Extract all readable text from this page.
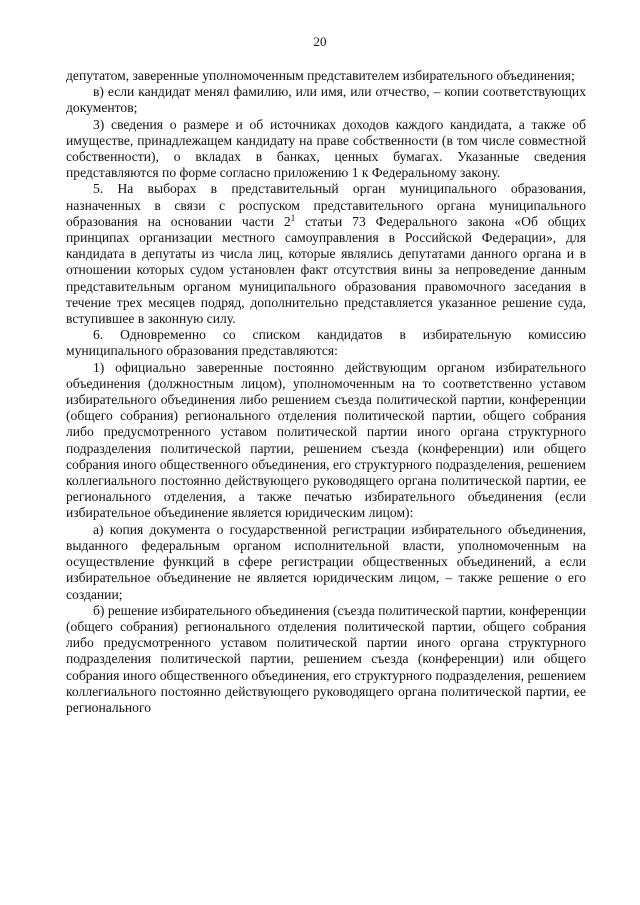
20

депутатом, заверенные уполномоченным представителем избирательного объединения;

в) если кандидат менял фамилию, или имя, или отчество, – копии соответствующих документов;

3) сведения о размере и об источниках доходов каждого кандидата, а также об имуществе, принадлежащем кандидату на праве собственности (в том числе совместной собственности), о вкладах в банках, ценных бумагах. Указанные сведения представляются по форме согласно приложению 1 к Федеральному закону.

5. На выборах в представительный орган муниципального образования, назначенных в связи с роспуском представительного органа муниципального образования на основании части $2^1$ статьи 73 Федерального закона «Об общих принципах организации местного самоуправления в Российской Федерации», для кандидата в депутаты из числа лиц, которые являлись депутатами данного органа и в отношении которых судом установлен факт отсутствия вины за непроведение данным представительным органом муниципального образования правомочного заседания в течение трех месяцев подряд, дополнительно представляется указанное решение суда, вступившее в законную силу.

6. Одновременно со списком кандидатов в избирательную комиссию муниципального образования представляются:

1) официально заверенные постоянно действующим органом избирательного объединения (должностным лицом), уполномоченным на то соответственно уставом избирательного объединения либо решением съезда политической партии, конференции (общего собрания) регионального отделения политической партии, общего собрания либо предусмотренного уставом политической партии иного органа структурного подразделения политической партии, решением съезда (конференции) или общего собрания иного общественного объединения, его структурного подразделения, решением коллегиального постоянно действующего руководящего органа политической партии, ее регионального отделения, а также печатью избирательного объединения (если избирательное объединение является юридическим лицом):

а) копия документа о государственной регистрации избирательного объединения, выданного федеральным органом исполнительной власти, уполномоченным на осуществление функций в сфере регистрации общественных объединений, а если избирательное объединение не является юридическим лицом, – также решение о его создании;

б) решение избирательного объединения (съезда политической партии, конференции (общего собрания) регионального отделения политической партии, общего собрания либо предусмотренного уставом политической партии иного органа структурного подразделения политической партии, решением съезда (конференции) или общего собрания иного общественного объединения, его структурного подразделения, решением коллегиального постоянно действующего руководящего органа политической партии, ее регионального
